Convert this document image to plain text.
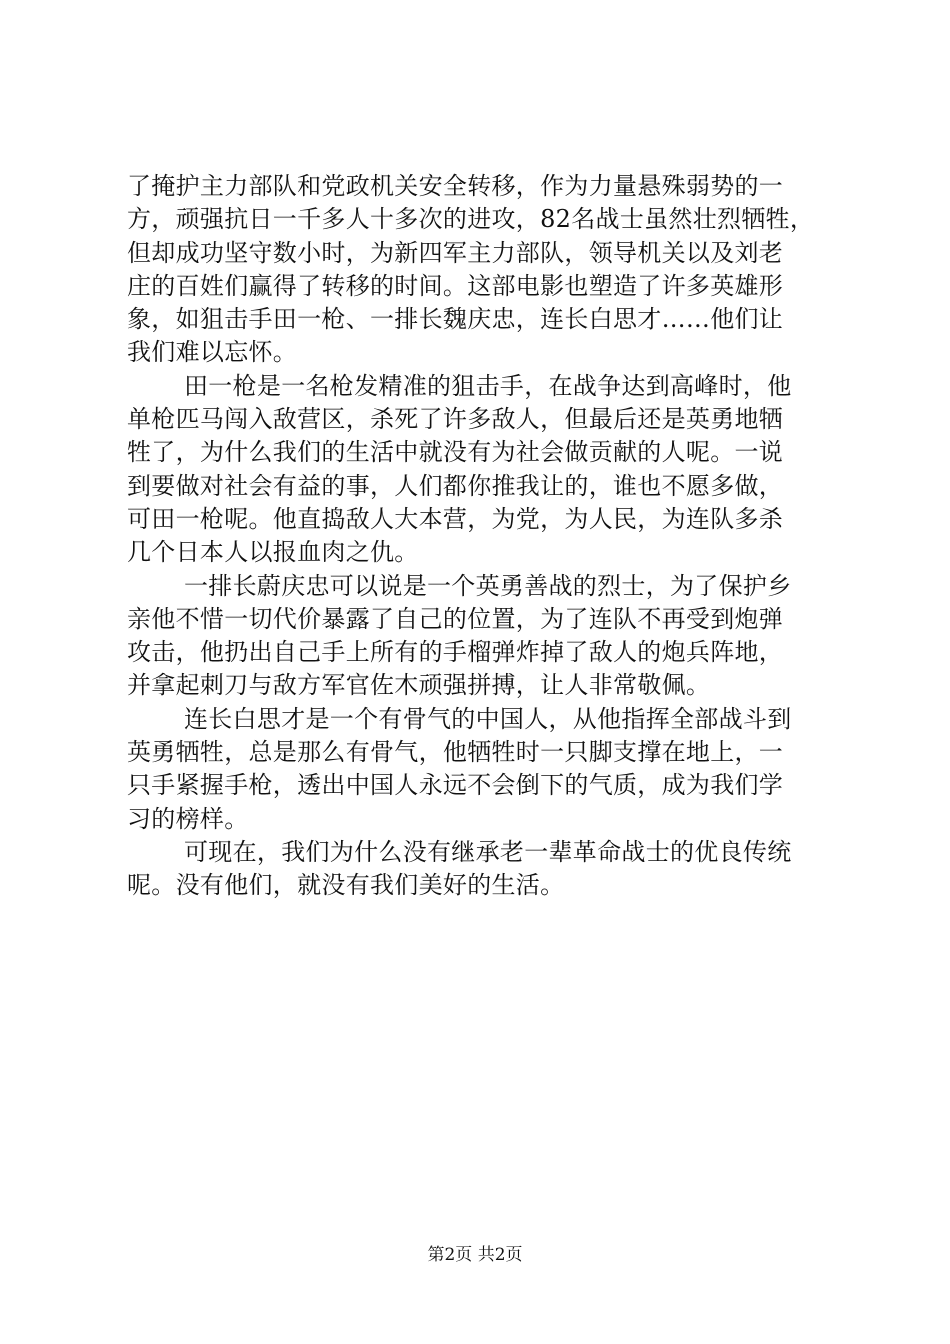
了掩护主力部队和党政机关安全转移，作为力量悬殊弱势的一
方，顽强抗日一千多人十多次的进攻，82名战士虽然壮烈牺牲，
但却成功坚守数小时，为新四军主力部队，领导机关以及刘老
庄的百姓们赢得了转移的时间。这部电影也塑造了许多英雄形
象，如狙击手田一枪、一排长魏庆忠，连长白思才……他们让
我们难以忘怀。
田一枪是一名枪发精准的狙击手，在战争达到高峰时，他
单枪匹马闯入敌营区，杀死了许多敌人，但最后还是英勇地牺
牲了，为什么我们的生活中就没有为社会做贡献的人呢。一说
到要做对社会有益的事，人们都你推我让的，谁也不愿多做，
可田一枪呢。他直捣敌人大本营，为党，为人民，为连队多杀
几个日本人以报血肉之仇。
一排长蔚庆忠可以说是一个英勇善战的烈士，为了保护乡
亲他不惜一切代价暴露了自己的位置，为了连队不再受到炮弹
攻击，他扔出自己手上所有的手榴弹炸掉了敌人的炮兵阵地，
并拿起刺刀与敌方军官佐木顽强拼搏，让人非常敬佩。
连长白思才是一个有骨气的中国人，从他指挥全部战斗到
英勇牺牲，总是那么有骨气，他牺牲时一只脚支撑在地上，一
只手紧握手枪，透出中国人永远不会倒下的气质，成为我们学
习的榜样。
可现在，我们为什么没有继承老一辈革命战士的优良传统
呢。没有他们，就没有我们美好的生活。
第2页 共2页
